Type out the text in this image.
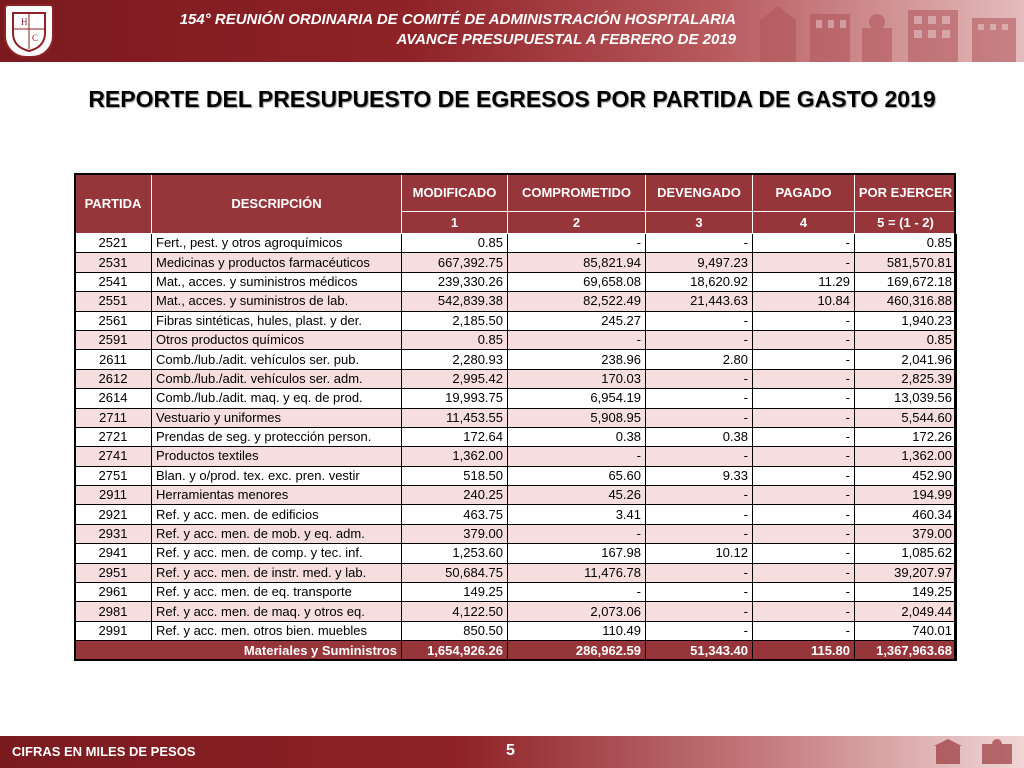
H
C
154° REUNIÓN ORDINARIA DE COMITÉ DE ADMINISTRACIÓN HOSPITALARIA
AVANCE PRESUPUESTAL A FEBRERO DE 2019
REPORTE DEL PRESUPUESTO DE EGRESOS POR PARTIDA DE GASTO 2019
PARTIDA	DESCRIPCIÓN	MODIFICADO	COMPROMETIDO	DEVENGADO	PAGADO	POR EJERCER
		1	2	3	4	5 = (1 - 2)
2521	Fert., pest. y otros agroquímicos	0.85	-	-	-	0.85
2531	Medicinas y productos farmacéuticos	667,392.75	85,821.94	9,497.23	-	581,570.81
2541	Mat., acces. y suministros médicos	239,330.26	69,658.08	18,620.92	11.29	169,672.18
2551	Mat., acces. y suministros de lab.	542,839.38	82,522.49	21,443.63	10.84	460,316.88
2561	Fibras sintéticas, hules, plast. y der.	2,185.50	245.27	-	-	1,940.23
2591	Otros productos químicos	0.85	-	-	-	0.85
2611	Comb./lub./adit. vehículos ser. pub.	2,280.93	238.96	2.80	-	2,041.96
2612	Comb./lub./adit. vehículos ser. adm.	2,995.42	170.03	-	-	2,825.39
2614	Comb./lub./adit. maq. y eq. de prod.	19,993.75	6,954.19	-	-	13,039.56
2711	Vestuario y uniformes	11,453.55	5,908.95	-	-	5,544.60
2721	Prendas de seg. y protección person.	172.64	0.38	0.38	-	172.26
2741	Productos textiles	1,362.00	-	-	-	1,362.00
2751	Blan. y o/prod. tex. exc. pren. vestir	518.50	65.60	9.33	-	452.90
2911	Herramientas menores	240.25	45.26	-	-	194.99
2921	Ref. y acc. men. de edificios	463.75	3.41	-	-	460.34
2931	Ref. y acc. men. de mob. y eq. adm.	379.00	-	-	-	379.00
2941	Ref. y acc. men. de comp. y tec. inf.	1,253.60	167.98	10.12	-	1,085.62
2951	Ref. y acc. men. de instr. med. y lab.	50,684.75	11,476.78	-	-	39,207.97
2961	Ref. y acc. men. de eq. transporte	149.25	-	-	-	149.25
2981	Ref. y acc. men. de maq. y otros eq.	4,122.50	2,073.06	-	-	2,049.44
2991	Ref. y acc. men. otros bien. muebles	850.50	110.49	-	-	740.01
Materiales y Suministros		1,654,926.26	286,962.59	51,343.40	115.80	1,367,963.68
CIFRAS EN MILES DE PESOS	5
